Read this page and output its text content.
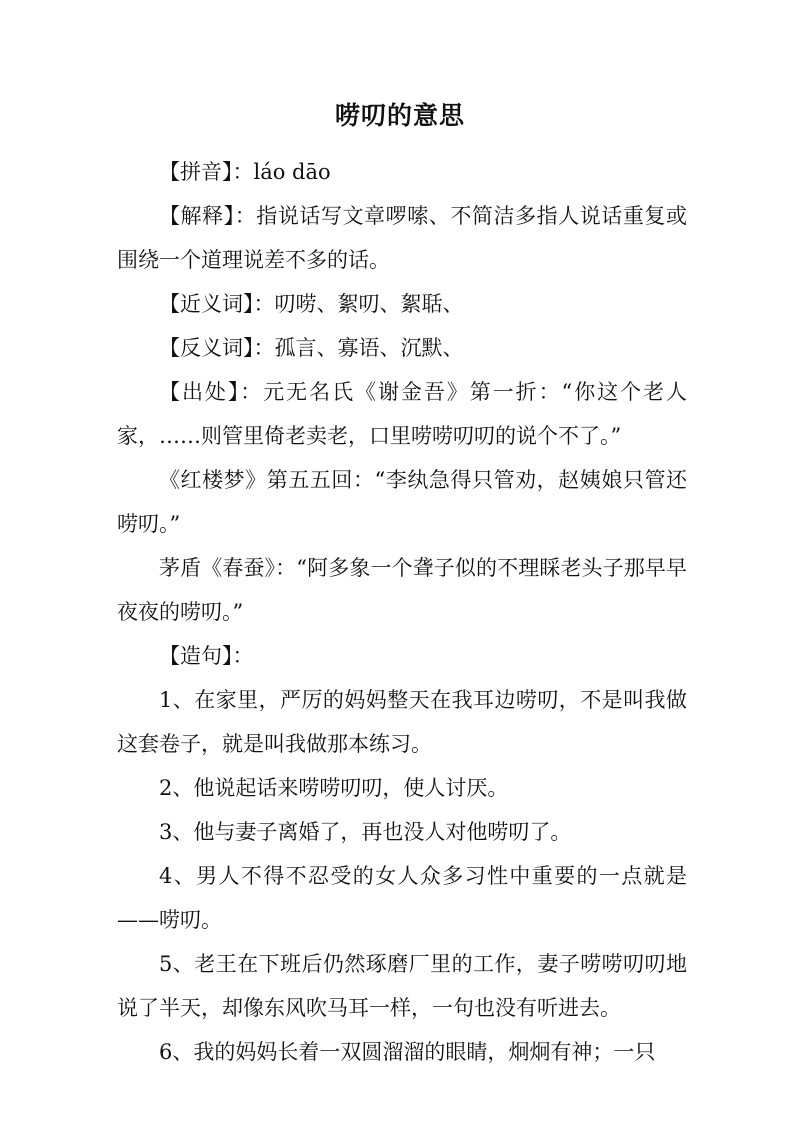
唠叨的意思

【拼音】：láo dāo

【解释】：指说话写文章啰嗦、不简洁多指人说话重复或围绕一个道理说差不多的话。

【近义词】：叨唠、絮叨、絮聒、

【反义词】：孤言、寡语、沉默、

【出处】：元无名氏《谢金吾》第一折：“你这个老人家，……则管里倚老卖老，口里唠唠叨叨的说个不了。”

《红楼梦》第五五回：“李纨急得只管劝，赵姨娘只管还唠叨。”

茅盾《春蚕》：“阿多象一个聋子似的不理睬老头子那早早夜夜的唠叨。”

【造句】：

1、在家里，严厉的妈妈整天在我耳边唠叨，不是叫我做这套卷子，就是叫我做那本练习。

2、他说起话来唠唠叨叨，使人讨厌。

3、他与妻子离婚了，再也没人对他唠叨了。

4、男人不得不忍受的女人众多习性中重要的一点就是——唠叨。

5、老王在下班后仍然琢磨厂里的工作，妻子唠唠叨叨地说了半天，却像东风吹马耳一样，一句也没有听进去。

6、我的妈妈长着一双圆溜溜的眼睛，炯炯有神；一只
